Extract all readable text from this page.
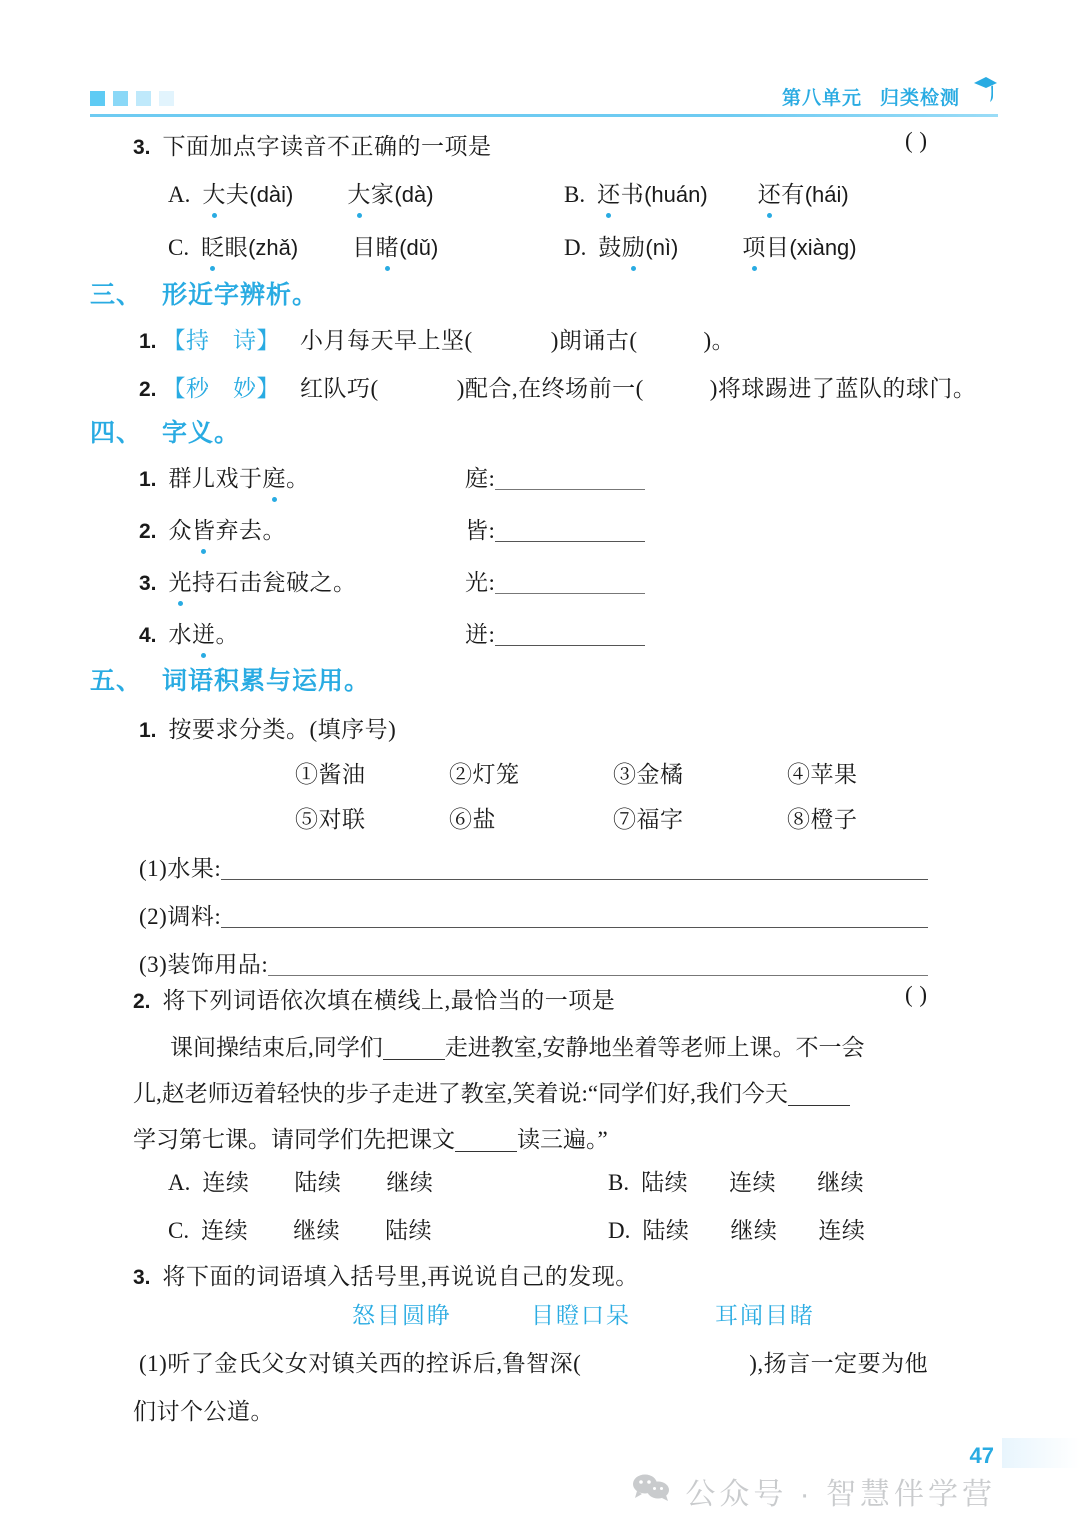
第八单元 归类检测
3. 下面加点字读音不正确的一项是	( )
A. 大夫(dài) 大家(dà)	B. 还书(huán) 还有(hái)
C. 眨眼(zhǎ) 目睹(dǔ)	D. 鼓励(nì)	项目(xiàng)
三、 形近字辨析。
1. 【持　诗】 小月每天早上坚(	)朗诵古(	)。
2. 【秒　妙】 红队巧(	)配合,在终场前一(	)将球踢进了蓝队的球门。
四、 字义。
1. 群儿戏于庭。	庭:
2. 众皆弃去。	皆:
3. 光持石击瓮破之。	光:
4. 水迸。	迸:
五、 词语积累与运用。
1. 按要求分类。(填序号)
①酱油	②灯笼	③金橘	④苹果
⑤对联	⑥盐	⑦福字	⑧橙子
(1)水果:
(2)调料:
(3)装饰用品:
2. 将下列词语依次填在横线上,最恰当的一项是	( )
课间操结束后,同学们	走进教室,安静地坐着等老师上课。不一会
儿,赵老师迈着轻快的步子走进了教室,笑着说:“同学们好,我们今天
学习第七课。请同学们先把课文	读三遍。”
A. 连续 陆续 继续	B. 陆续 连续 继续
C. 连续 继续 陆续	D. 陆续 继续 连续
3. 将下面的词语填入括号里,再说说自己的发现。
怒目圆睁	目瞪口呆	耳闻目睹
(1)听了金氏父女对镇关西的控诉后,鲁智深(	),扬言一定要为他
们讨个公道。
47
公众号 · 智慧伴学营
